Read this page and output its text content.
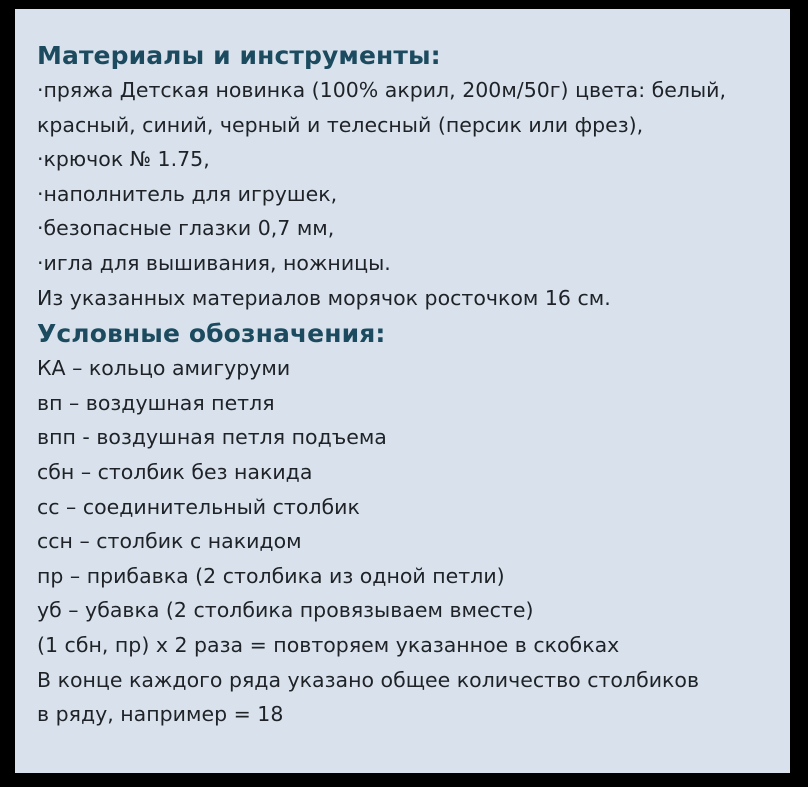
Материалы и инструменты:
·пряжа Детская новинка (100% акрил, 200м/50г) цвета: белый,
красный, синий, черный и телесный (персик или фрез),
·крючок № 1.75,
·наполнитель для игрушек,
·безопасные глазки 0,7 мм,
·игла для вышивания, ножницы.
Из указанных материалов морячок росточком 16 см.
Условные обозначения:
КА – кольцо амигуруми
вп – воздушная петля
впп - воздушная петля подъема
сбн – столбик без накида
сс – соединительный столбик
ссн – столбик с накидом
пр – прибавка (2 столбика из одной петли)
уб – убавка (2 столбика провязываем вместе)
(1 сбн, пр) х 2 раза = повторяем указанное в скобках
В конце каждого ряда указано общее количество столбиков
в ряду, например = 18
